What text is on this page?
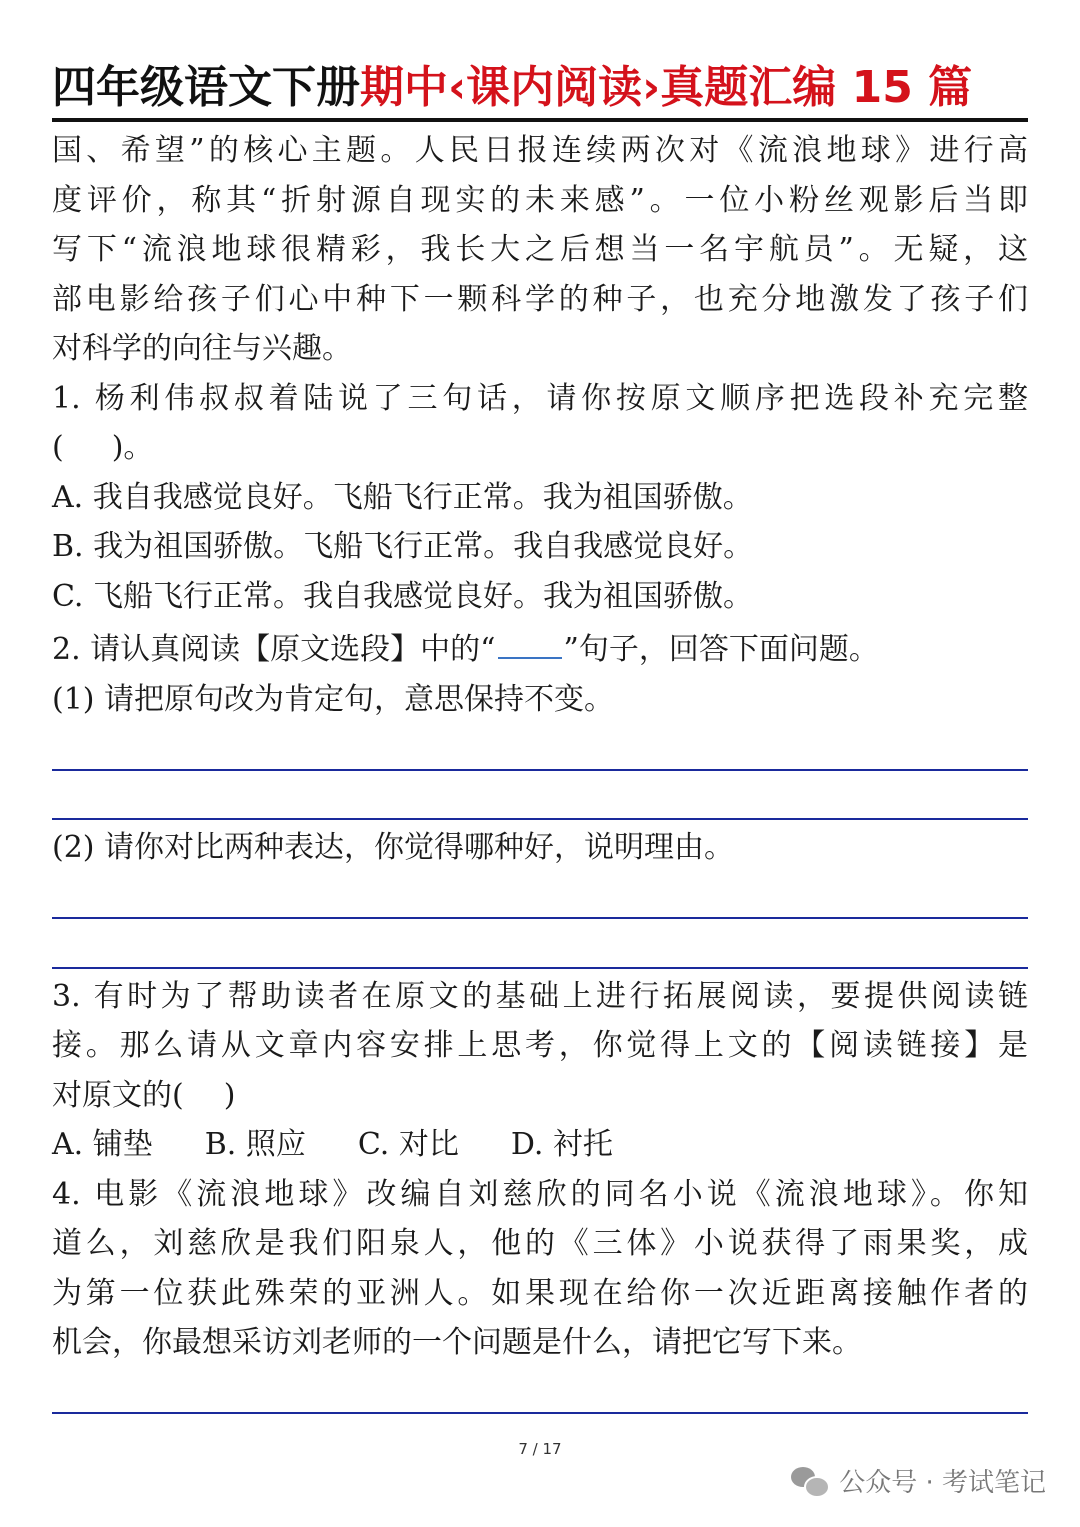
四年级语文下册期中‹课内阅读›真题汇编 15 篇

国、希望”的核心主题。人民日报连续两次对《流浪地球》进行高

度评价，称其“折射源自现实的未来感”。一位小粉丝观影后当即

写下“流浪地球很精彩，我长大之后想当一名宇航员”。无疑，这

部电影给孩子们心中种下一颗科学的种子，也充分地激发了孩子们

对科学的向往与兴趣。

1. 杨利伟叔叔着陆说了三句话，请你按原文顺序把选段补充完整

( )。

A. 我自我感觉良好。飞船飞行正常。我为祖国骄傲。

B. 我为祖国骄傲。飞船飞行正常。我自我感觉良好。

C. 飞船飞行正常。我自我感觉良好。我为祖国骄傲。

2. 请认真阅读【原文选段】中的“ ”句子，回答下面问题。

(1) 请把原句改为肯定句，意思保持不变。

(2) 请你对比两种表达，你觉得哪种好，说明理由。

3. 有时为了帮助读者在原文的基础上进行拓展阅读，要提供阅读链

接。那么请从文章内容安排上思考，你觉得上文的【阅读链接】是

对原文的( )

A. 铺垫 B. 照应 C. 对比 D. 衬托

4. 电影《流浪地球》改编自刘慈欣的同名小说《流浪地球》。你知

道么，刘慈欣是我们阳泉人，他的《三体》小说获得了雨果奖，成

为第一位获此殊荣的亚洲人。如果现在给你一次近距离接触作者的

机会，你最想采访刘老师的一个问题是什么，请把它写下来。

7 / 17
公众号 · 考试笔记
